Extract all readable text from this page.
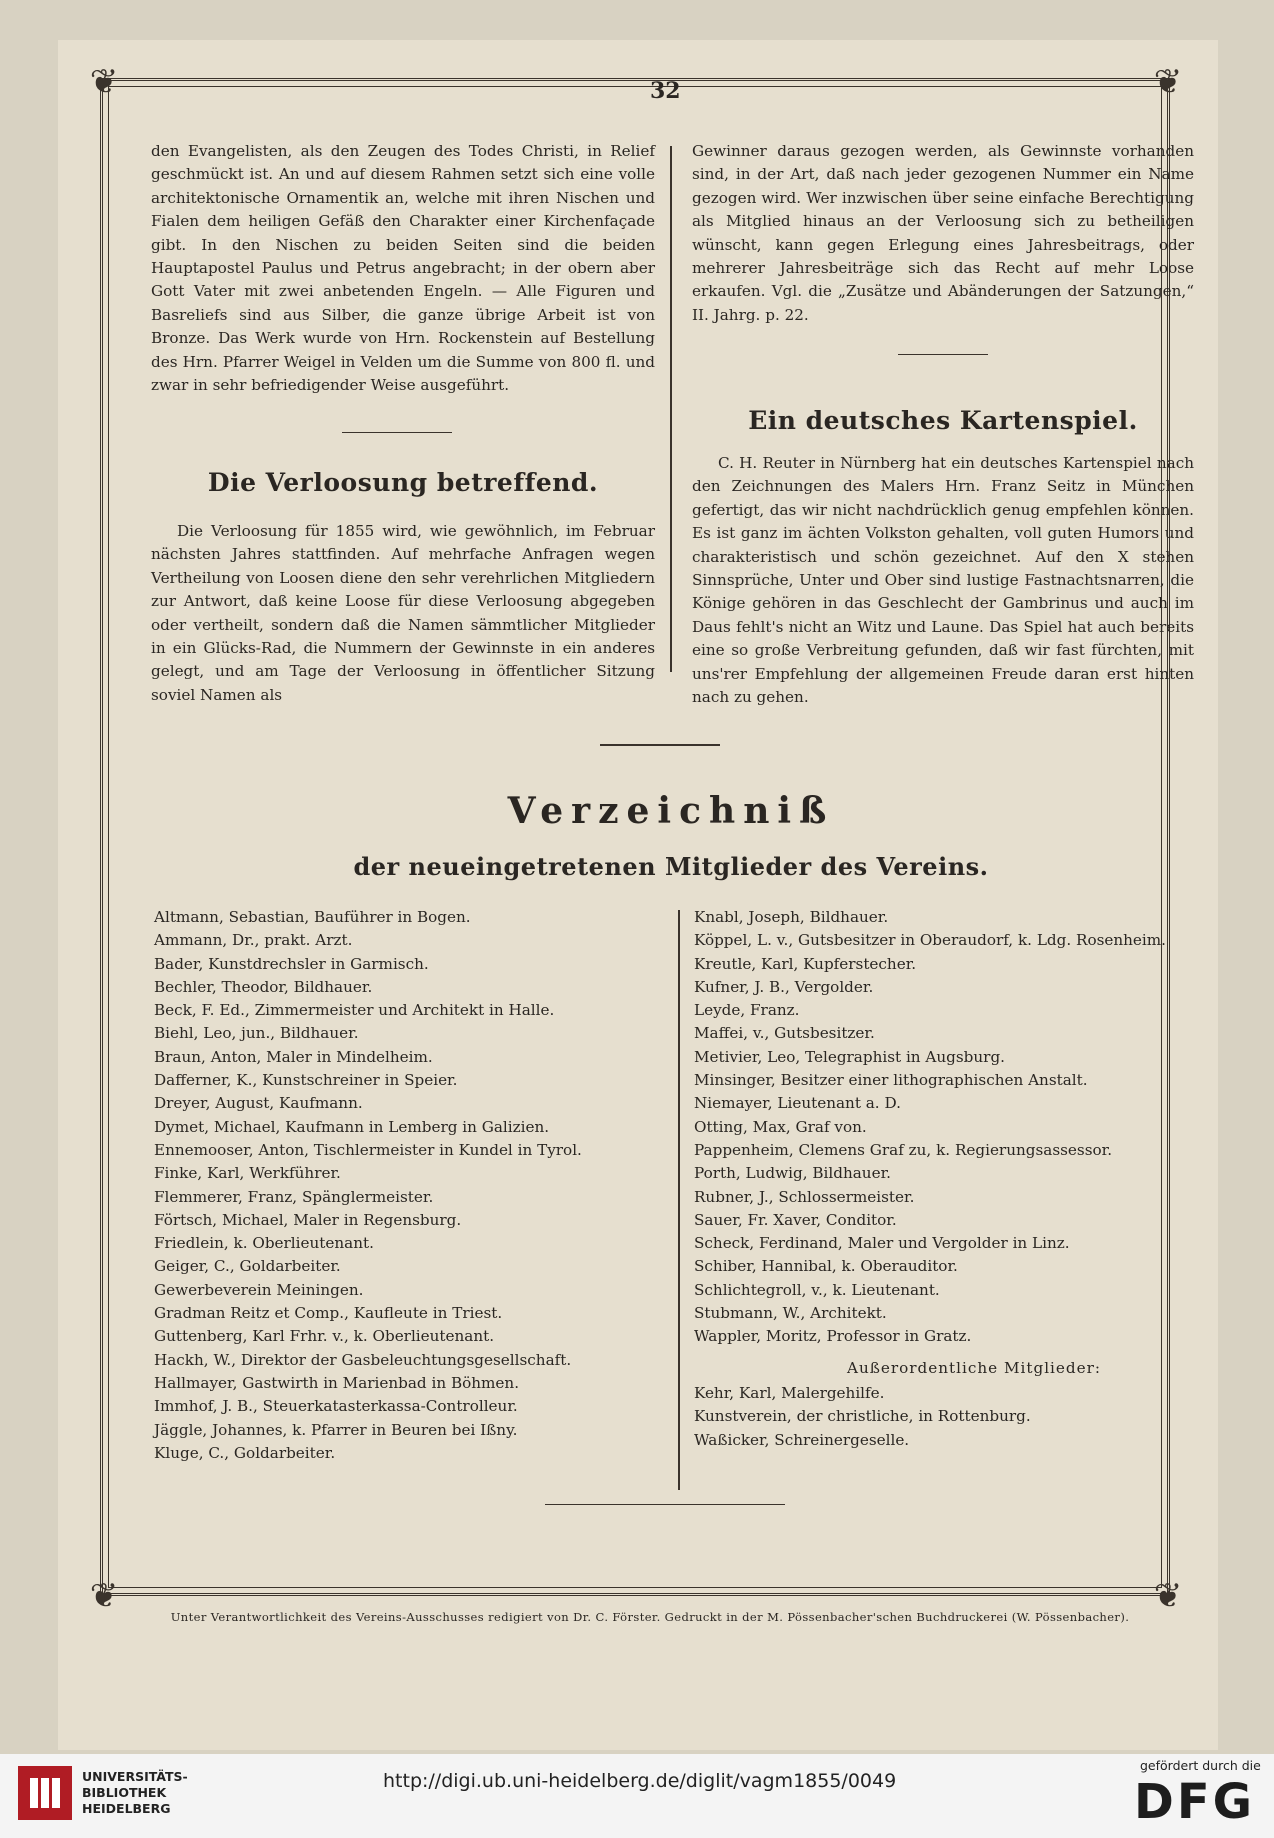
❦	❦
❦	❦
32

den Evangelisten, als den Zeugen des Todes Christi, in Relief geschmückt ist. An und auf diesem Rahmen setzt sich eine volle architektonische Ornamentik an, welche mit ihren Nischen und Fialen dem heiligen Gefäß den Charakter einer Kirchenfaçade gibt. In den Nischen zu beiden Seiten sind die beiden Hauptapostel Paulus und Petrus angebracht; in der obern aber Gott Vater mit zwei anbetenden Engeln. — Alle Figuren und Basreliefs sind aus Silber, die ganze übrige Arbeit ist von Bronze. Das Werk wurde von Hrn. Rockenstein auf Bestellung des Hrn. Pfarrer Weigel in Velden um die Summe von 800 fl. und zwar in sehr befriedigender Weise ausgeführt.

Die Verloosung betreffend.

Die Verloosung für 1855 wird, wie gewöhnlich, im Februar nächsten Jahres stattfinden. Auf mehrfache Anfragen wegen Vertheilung von Loosen diene den sehr verehrlichen Mitgliedern zur Antwort, daß keine Loose für diese Verloosung abgegeben oder vertheilt, sondern daß die Namen sämmtlicher Mitglieder in ein Glücks-Rad, die Nummern der Gewinnste in ein anderes gelegt, und am Tage der Verloosung in öffentlicher Sitzung soviel Namen als

Gewinner daraus gezogen werden, als Gewinnste vorhanden sind, in der Art, daß nach jeder gezogenen Nummer ein Name gezogen wird. Wer inzwischen über seine einfache Berechtigung als Mitglied hinaus an der Verloosung sich zu betheiligen wünscht, kann gegen Erlegung eines Jahresbeitrags, oder mehrerer Jahresbeiträge sich das Recht auf mehr Loose erkaufen. Vgl. die „Zusätze und Abänderungen der Satzungen,“ II. Jahrg. p. 22.

Ein deutsches Kartenspiel.

C. H. Reuter in Nürnberg hat ein deutsches Kartenspiel nach den Zeichnungen des Malers Hrn. Franz Seitz in München gefertigt, das wir nicht nachdrücklich genug empfehlen können. Es ist ganz im ächten Volkston gehalten, voll guten Humors und charakteristisch und schön gezeichnet. Auf den X stehen Sinnsprüche, Unter und Ober sind lustige Fastnachtsnarren, die Könige gehören in das Geschlecht der Gambrinus und auch im Daus fehlt's nicht an Witz und Laune. Das Spiel hat auch bereits eine so große Verbreitung gefunden, daß wir fast fürchten, mit uns'rer Empfehlung der allgemeinen Freude daran erst hinten nach zu gehen.

Verzeichniß
der neueingetretenen Mitglieder des Vereins.
Altmann, Sebastian, Bauführer in Bogen.
Ammann, Dr., prakt. Arzt.
Bader, Kunstdrechsler in Garmisch.
Bechler, Theodor, Bildhauer.
Beck, F. Ed., Zimmermeister und Architekt in Halle.
Biehl, Leo, jun., Bildhauer.
Braun, Anton, Maler in Mindelheim.
Dafferner, K., Kunstschreiner in Speier.
Dreyer, August, Kaufmann.
Dymet, Michael, Kaufmann in Lemberg in Galizien.
Ennemooser, Anton, Tischlermeister in Kundel in Tyrol.
Finke, Karl, Werkführer.
Flemmerer, Franz, Spänglermeister.
Förtsch, Michael, Maler in Regensburg.
Friedlein, k. Oberlieutenant.
Geiger, C., Goldarbeiter.
Gewerbeverein Meiningen.
Gradman Reitz et Comp., Kaufleute in Triest.
Guttenberg, Karl Frhr. v., k. Oberlieutenant.
Hackh, W., Direktor der Gasbeleuchtungsgesellschaft.
Hallmayer, Gastwirth in Marienbad in Böhmen.
Immhof, J. B., Steuerkatasterkassa-Controlleur.
Jäggle, Johannes, k. Pfarrer in Beuren bei Ißny.
Kluge, C., Goldarbeiter.
Knabl, Joseph, Bildhauer.
Köppel, L. v., Gutsbesitzer in Oberaudorf, k. Ldg. Rosenheim.
Kreutle, Karl, Kupferstecher.
Kufner, J. B., Vergolder.
Leyde, Franz.
Maffei, v., Gutsbesitzer.
Metivier, Leo, Telegraphist in Augsburg.
Minsinger, Besitzer einer lithographischen Anstalt.
Niemayer, Lieutenant a. D.
Otting, Max, Graf von.
Pappenheim, Clemens Graf zu, k. Regierungsassessor.
Porth, Ludwig, Bildhauer.
Rubner, J., Schlossermeister.
Sauer, Fr. Xaver, Conditor.
Scheck, Ferdinand, Maler und Vergolder in Linz.
Schiber, Hannibal, k. Oberauditor.
Schlichtegroll, v., k. Lieutenant.
Stubmann, W., Architekt.
Wappler, Moritz, Professor in Gratz.
Außerordentliche Mitglieder:
Kehr, Karl, Malergehilfe.
Kunstverein, der christliche, in Rottenburg.
Waßicker, Schreinergeselle.
Unter Verantwortlichkeit des Vereins-Ausschusses redigiert von Dr. C. Förster. Gedruckt in der M. Pössenbacher'schen Buchdruckerei (W. Pössenbacher).
UNIVERSITÄTS-
BIBLIOTHEK
HEIDELBERG
http://digi.ub.uni-heidelberg.de/diglit/vagm1855/0049
gefördert durch die
DFG
